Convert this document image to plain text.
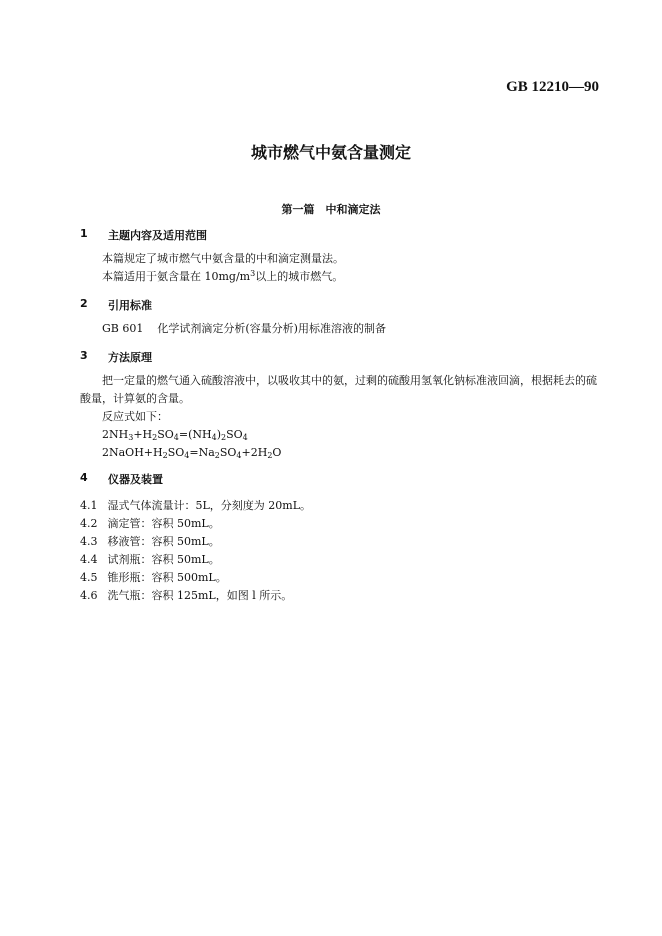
GB 12210—90
城市燃气中氨含量测定
第一篇　中和滴定法
1 主题内容及适用范围
本篇规定了城市燃气中氨含量的中和滴定测量法。
本篇适用于氨含量在 $10mg/m^3$以上的城市燃气。
2 引用标准
GB 601 化学试剂滴定分析(容量分析)用标准溶液的制备
3 方法原理
把一定量的燃气通入硫酸溶液中，以吸收其中的氨，过剩的硫酸用氢氧化钠标准液回滴，根据耗去的硫酸量，计算氨的含量。
反应式如下：
$2NH_3+H_2SO_4=(NH_4)_2SO_4$
$2NaOH+H_2SO_4=Na_2SO_4+2H_2O$
4 仪器及装置
4.1 湿式气体流量计：5L，分刻度为 20mL。
4.2 滴定管：容积 50mL。
4.3 移液管：容积 50mL。
4.4 试剂瓶：容积 50mL。
4.5 锥形瓶：容积 500mL。
4.6 洗气瓶：容积 125mL，如图 l 所示。
